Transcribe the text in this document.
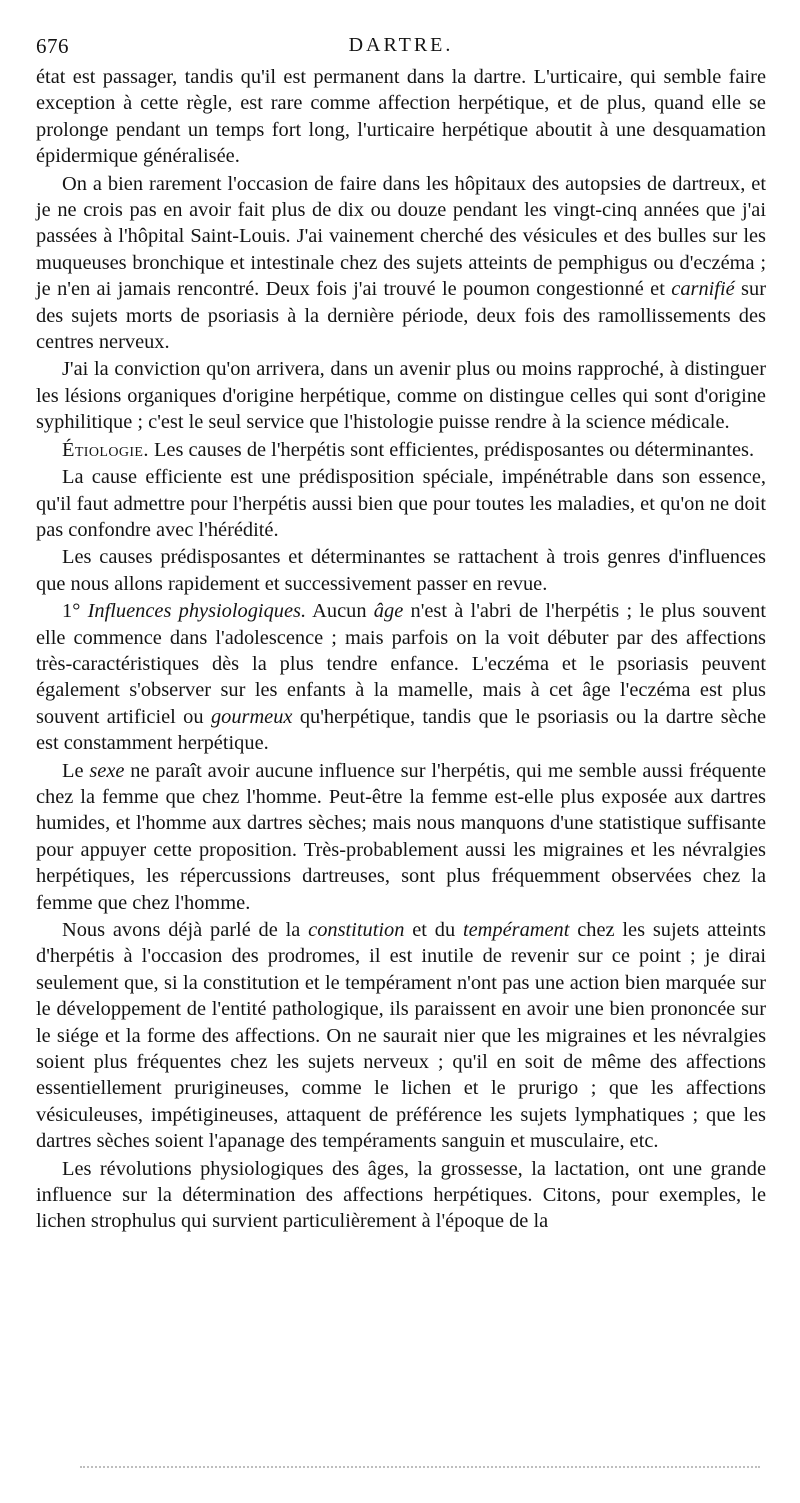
676	DARTRE.

état est passager, tandis qu'il est permanent dans la dartre. L'urticaire, qui semble faire exception à cette règle, est rare comme affection herpétique, et de plus, quand elle se prolonge pendant un temps fort long, l'urticaire herpétique aboutit à une desquamation épidermique généralisée.

On a bien rarement l'occasion de faire dans les hôpitaux des autopsies de dartreux, et je ne crois pas en avoir fait plus de dix ou douze pendant les vingt-cinq années que j'ai passées à l'hôpital Saint-Louis. J'ai vainement cherché des vésicules et des bulles sur les muqueuses bronchique et intestinale chez des sujets atteints de pemphigus ou d'eczéma ; je n'en ai jamais rencontré. Deux fois j'ai trouvé le poumon congestionné et carnifié sur des sujets morts de psoriasis à la dernière période, deux fois des ramollissements des centres nerveux.

J'ai la conviction qu'on arrivera, dans un avenir plus ou moins rapproché, à distinguer les lésions organiques d'origine herpétique, comme on distingue celles qui sont d'origine syphilitique ; c'est le seul service que l'histologie puisse rendre à la science médicale.

Étiologie. Les causes de l'herpétis sont efficientes, prédisposantes ou déterminantes.

La cause efficiente est une prédisposition spéciale, impénétrable dans son essence, qu'il faut admettre pour l'herpétis aussi bien que pour toutes les maladies, et qu'on ne doit pas confondre avec l'hérédité.

Les causes prédisposantes et déterminantes se rattachent à trois genres d'influences que nous allons rapidement et successivement passer en revue.

1° Influences physiologiques. Aucun âge n'est à l'abri de l'herpétis ; le plus souvent elle commence dans l'adolescence ; mais parfois on la voit débuter par des affections très-caractéristiques dès la plus tendre enfance. L'eczéma et le psoriasis peuvent également s'observer sur les enfants à la mamelle, mais à cet âge l'eczéma est plus souvent artificiel ou gourmeux qu'herpétique, tandis que le psoriasis ou la dartre sèche est constamment herpétique.

Le sexe ne paraît avoir aucune influence sur l'herpétis, qui me semble aussi fréquente chez la femme que chez l'homme. Peut-être la femme est-elle plus exposée aux dartres humides, et l'homme aux dartres sèches; mais nous manquons d'une statistique suffisante pour appuyer cette proposition. Très-probablement aussi les migraines et les névralgies herpétiques, les répercussions dartreuses, sont plus fréquemment observées chez la femme que chez l'homme.

Nous avons déjà parlé de la constitution et du tempérament chez les sujets atteints d'herpétis à l'occasion des prodromes, il est inutile de revenir sur ce point ; je dirai seulement que, si la constitution et le tempérament n'ont pas une action bien marquée sur le développement de l'entité pathologique, ils paraissent en avoir une bien prononcée sur le siége et la forme des affections. On ne saurait nier que les migraines et les névralgies soient plus fréquentes chez les sujets nerveux ; qu'il en soit de même des affections essentiellement prurigineuses, comme le lichen et le prurigo ; que les affections vésiculeuses, impétigineuses, attaquent de préférence les sujets lymphatiques ; que les dartres sèches soient l'apanage des tempéraments sanguin et musculaire, etc.

Les révolutions physiologiques des âges, la grossesse, la lactation, ont une grande influence sur la détermination des affections herpétiques. Citons, pour exemples, le lichen strophulus qui survient particulièrement à l'époque de la
